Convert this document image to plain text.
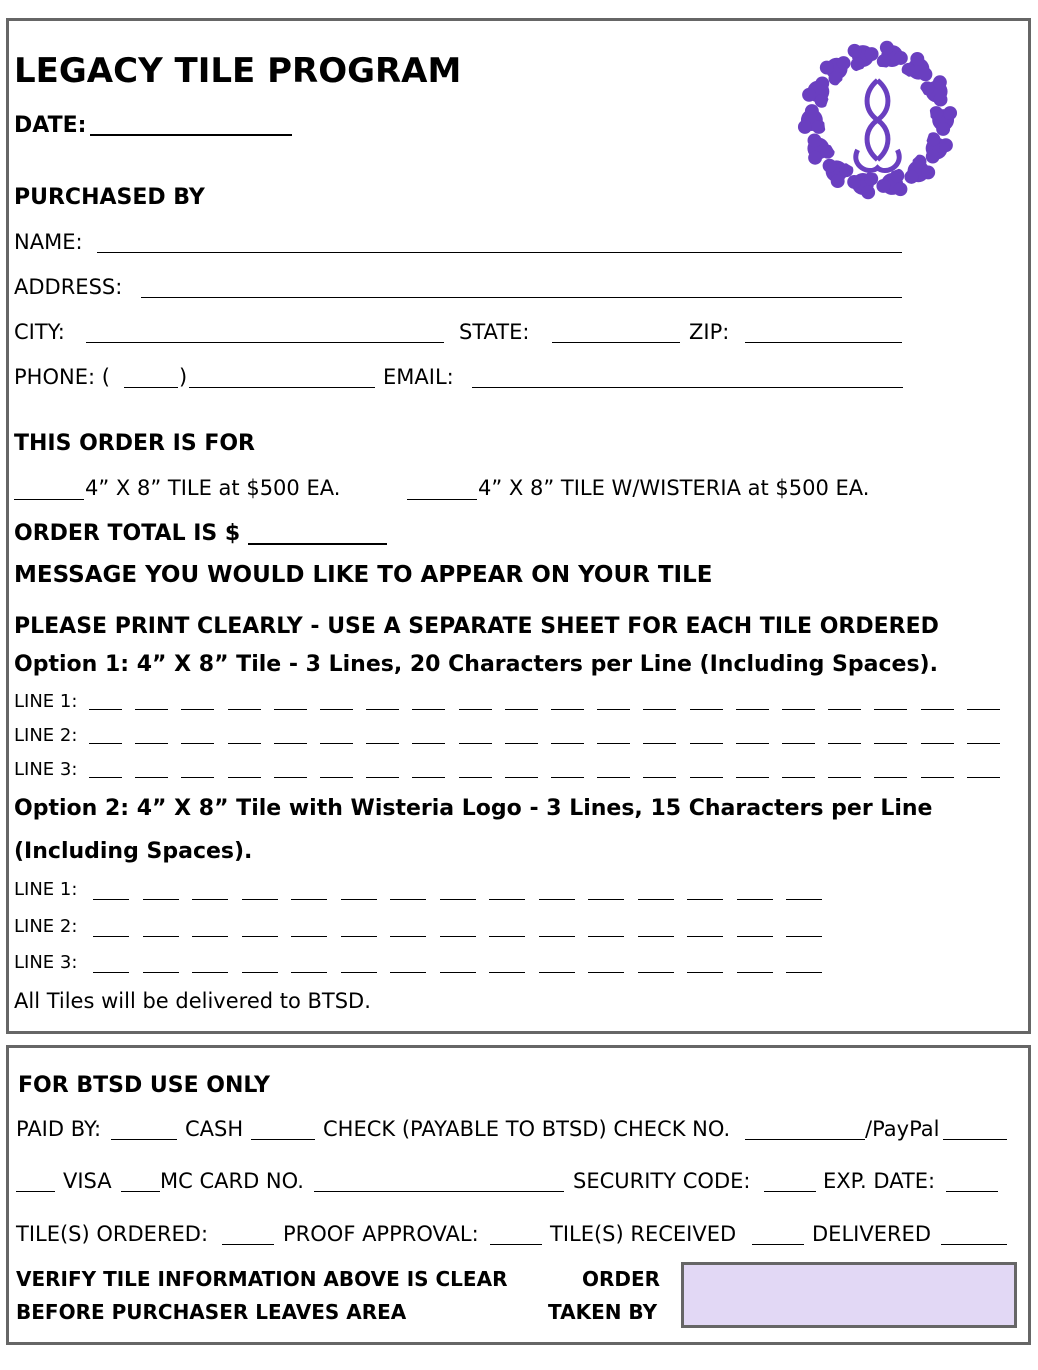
LEGACY TILE PROGRAM
DATE:
PURCHASED BY
NAME:
ADDRESS:
CITY:	STATE:	ZIP:
PHONE: (	)	EMAIL:
THIS ORDER IS FOR
4” X 8” TILE at $500 EA.	4” X 8” TILE W/WISTERIA at $500 EA.
ORDER TOTAL IS $
MESSAGE YOU WOULD LIKE TO APPEAR ON YOUR TILE
PLEASE PRINT CLEARLY - USE A SEPARATE SHEET FOR EACH TILE ORDERED
Option 1: 4” X 8” Tile - 3 Lines, 20 Characters per Line (Including Spaces).
LINE 1:
LINE 2:
LINE 3:
Option 2: 4” X 8” Tile with Wisteria Logo - 3 Lines, 15 Characters per Line
(Including Spaces).
LINE 1:
LINE 2:
LINE 3:
All Tiles will be delivered to BTSD.
FOR BTSD USE ONLY
PAID BY:	CASH	CHECK (PAYABLE TO BTSD) CHECK NO.	/PayPal
VISA MC CARD NO.	SECURITY CODE:	EXP. DATE:
TILE(S) ORDERED:	PROOF APPROVAL:	TILE(S) RECEIVED	DELIVERED
VERIFY TILE INFORMATION ABOVE IS CLEAR
BEFORE PURCHASER LEAVES AREA
ORDER
TAKEN BY
